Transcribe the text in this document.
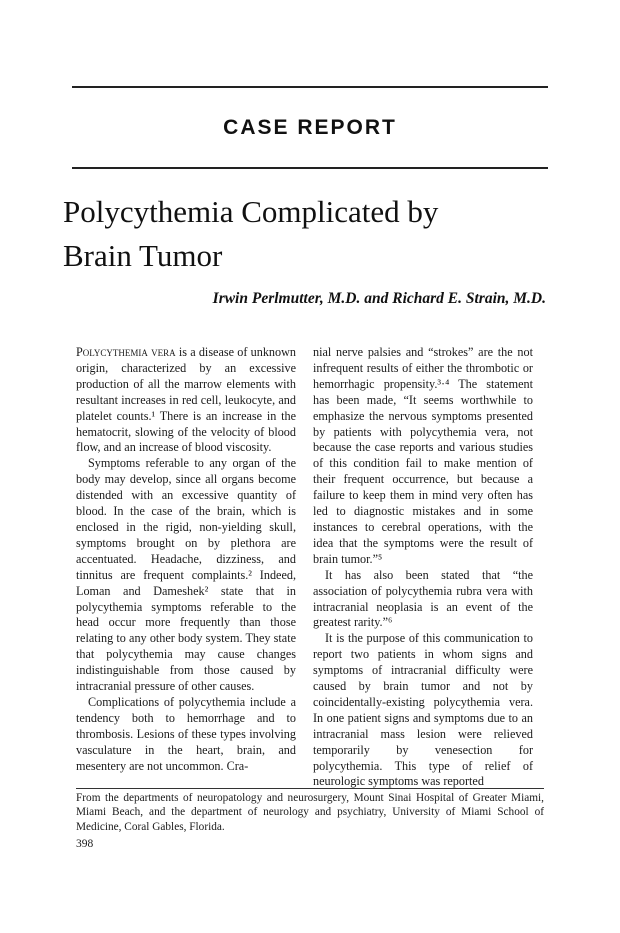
CASE REPORT
Polycythemia Complicated by
Brain Tumor
Irwin Perlmutter, M.D. and Richard E. Strain, M.D.

Polycythemia vera is a disease of unknown origin, characterized by an excessive production of all the marrow elements with resultant increases in red cell, leukocyte, and platelet counts.¹ There is an increase in the hematocrit, slowing of the velocity of blood flow, and an increase of blood viscosity.

Symptoms referable to any organ of the body may develop, since all organs become distended with an excessive quantity of blood. In the case of the brain, which is enclosed in the rigid, non-yielding skull, symptoms brought on by plethora are accentuated. Headache, dizziness, and tinnitus are frequent complaints.² Indeed, Loman and Dameshek² state that in polycythemia symptoms referable to the head occur more frequently than those relating to any other body system. They state that polycythemia may cause changes indistinguishable from those caused by intracranial pressure of other causes.

Complications of polycythemia include a tendency both to hemorrhage and to thrombosis. Lesions of these types involving vasculature in the heart, brain, and mesentery are not uncommon. Cra-

nial nerve palsies and “strokes” are the not infrequent results of either the thrombotic or hemorrhagic propensity.³·⁴ The statement has been made, “It seems worthwhile to emphasize the nervous symptoms presented by patients with polycythemia vera, not because the case reports and various studies of this condition fail to make mention of their frequent occurrence, but because a failure to keep them in mind very often has led to diagnostic mistakes and in some instances to cerebral operations, with the idea that the symptoms were the result of brain tumor.”⁵

It has also been stated that “the association of polycythemia rubra vera with intracranial neoplasia is an event of the greatest rarity.”⁶

It is the purpose of this communication to report two patients in whom signs and symptoms of intracranial difficulty were caused by brain tumor and not by coincidentally-existing polycythemia vera. In one patient signs and symptoms due to an intracranial mass lesion were relieved temporarily by venesection for polycythemia. This type of relief of neurologic symptoms was reported

From the departments of neuropatology and neurosurgery, Mount Sinai Hospital of Greater Miami, Miami Beach, and the department of neurology and psychiatry, University of Miami School of Medicine, Coral Gables, Florida.

398
